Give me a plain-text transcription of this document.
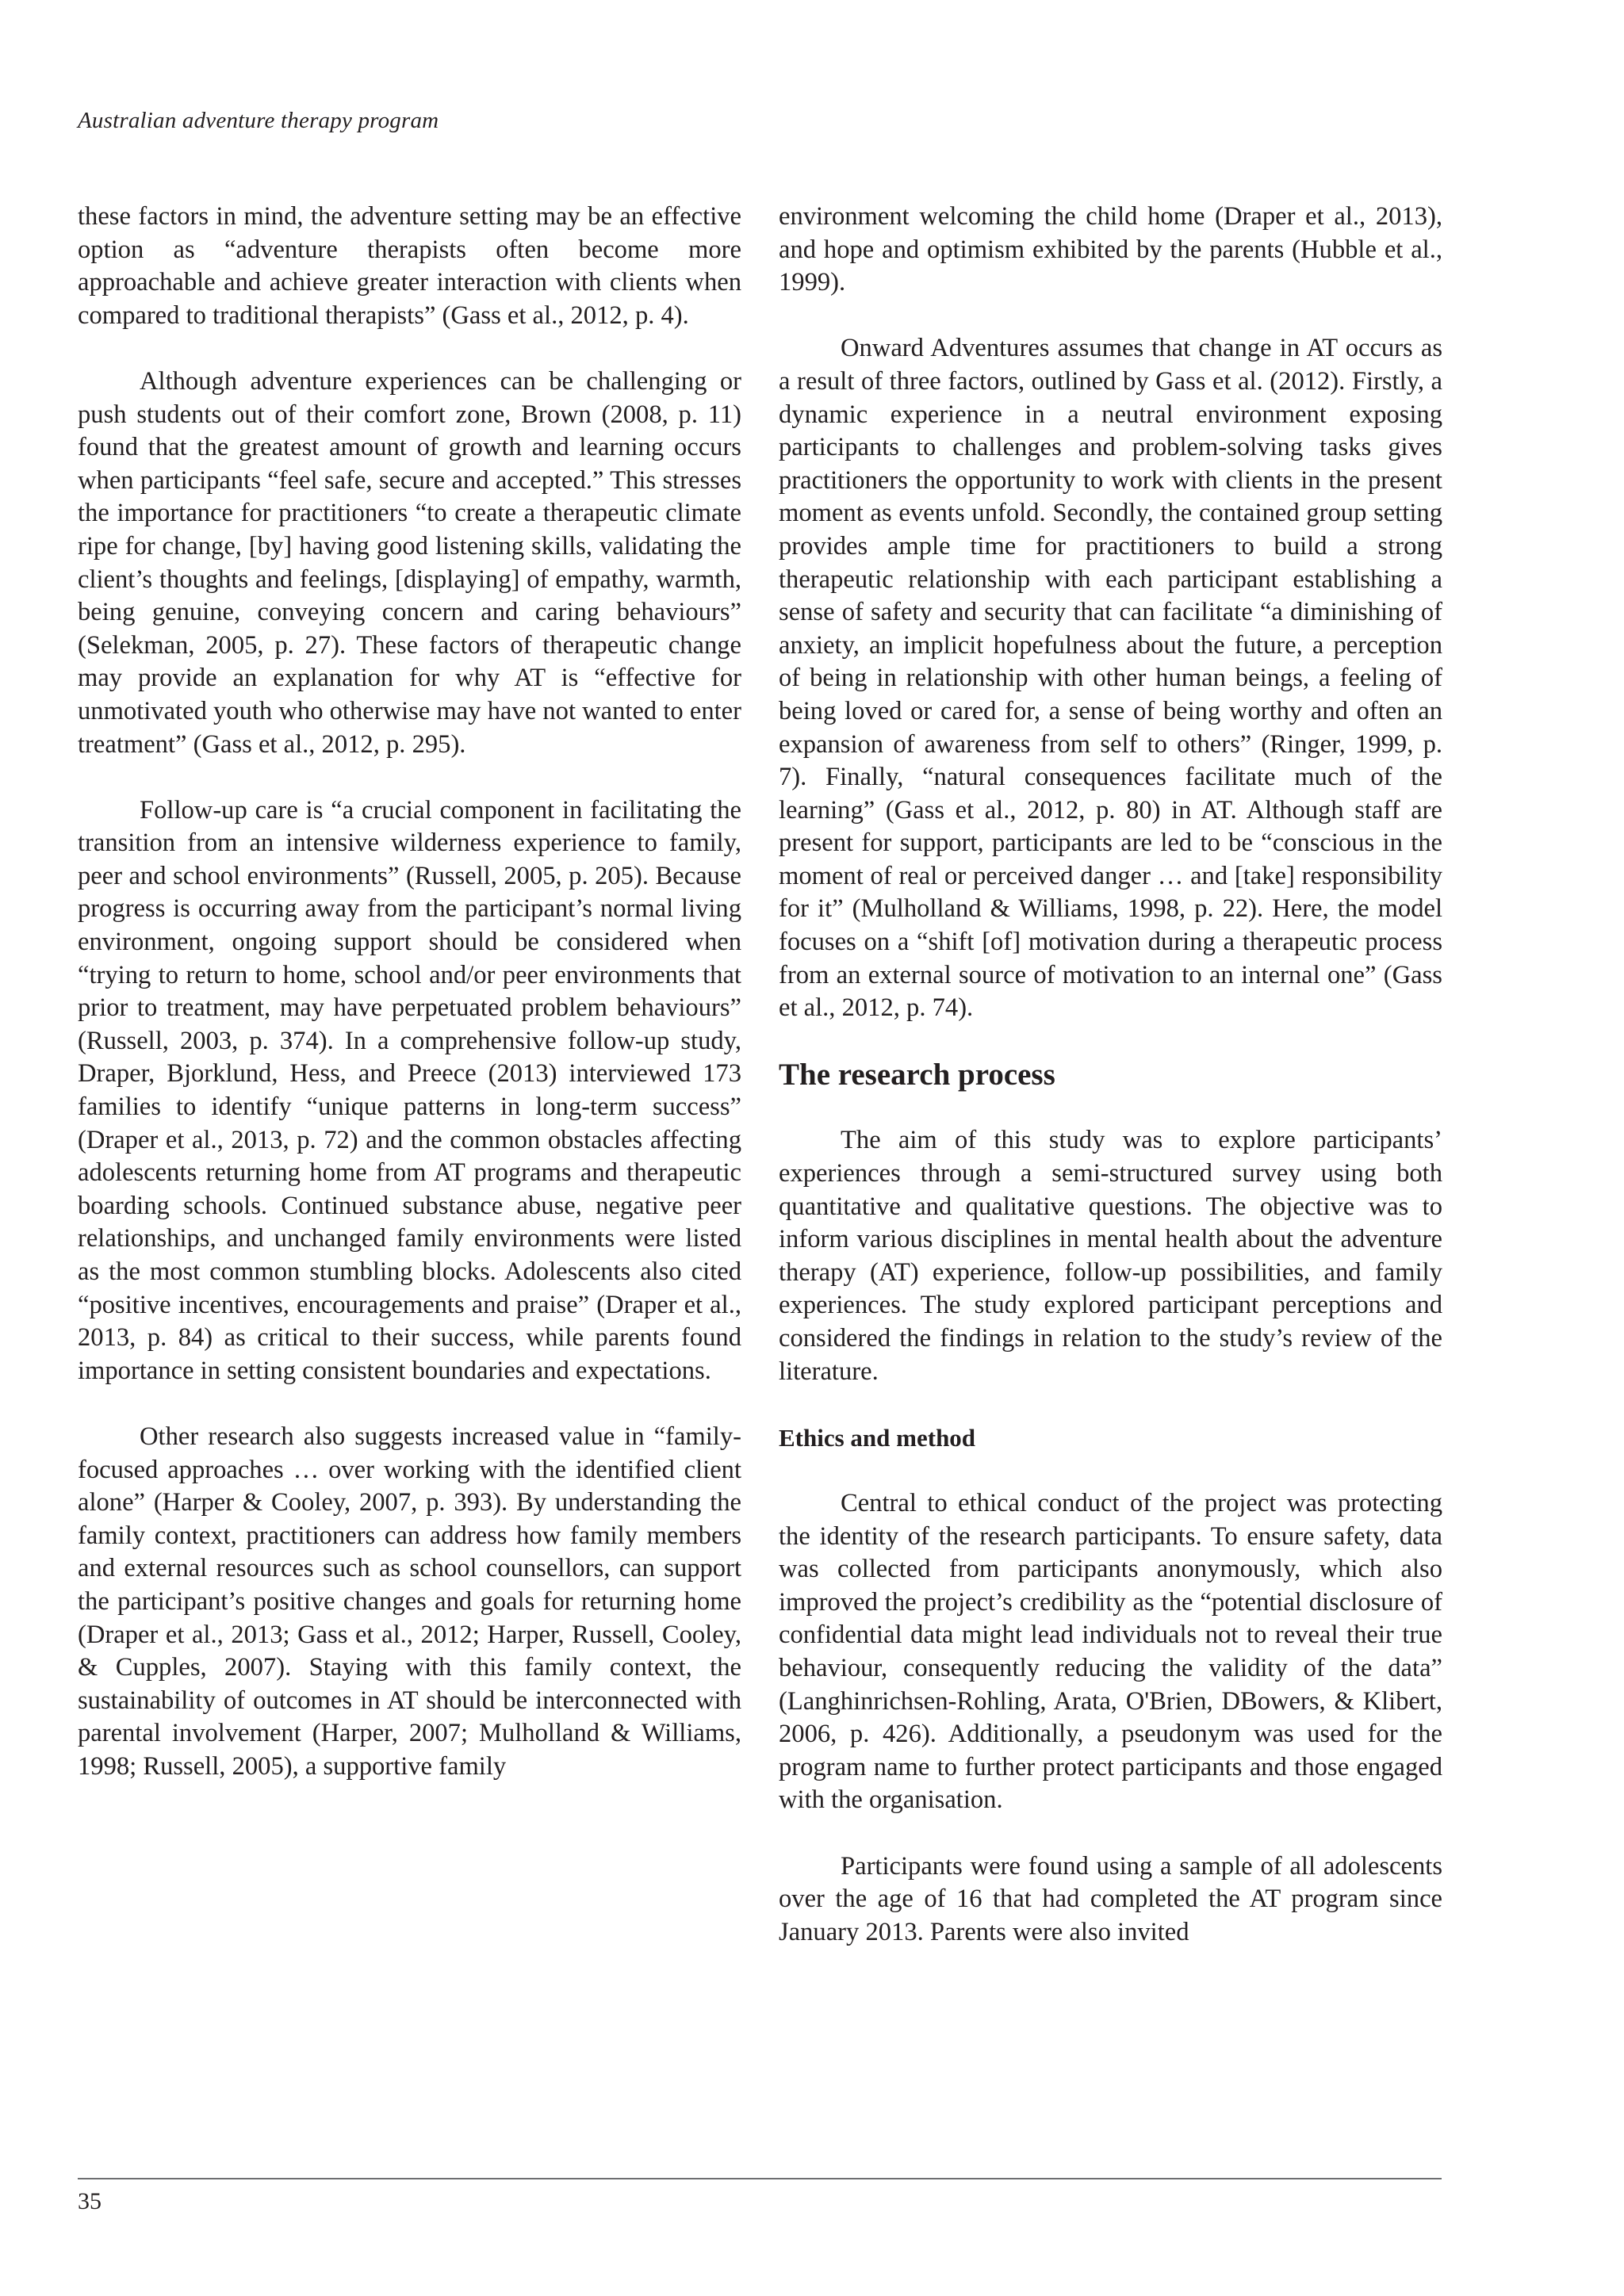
Australian adventure therapy program

these factors in mind, the adventure setting may be an effective option as “adventure therapists often become more approachable and achieve greater interaction with clients when compared to traditional therapists” (Gass et al., 2012, p. 4).

Although adventure experiences can be challenging or push students out of their comfort zone, Brown (2008, p. 11) found that the greatest amount of growth and learning occurs when participants “feel safe, secure and accepted.” This stresses the importance for practitioners “to create a therapeutic climate ripe for change, [by] having good listening skills, validating the client’s thoughts and feelings, [displaying] of empathy, warmth, being genuine, conveying concern and caring behaviours” (Selekman, 2005, p. 27). These factors of therapeutic change may provide an explanation for why AT is “effective for unmotivated youth who otherwise may have not wanted to enter treatment” (Gass et al., 2012, p. 295).

Follow-up care is “a crucial component in facilitating the transition from an intensive wilderness experience to family, peer and school environments” (Russell, 2005, p. 205). Because progress is occurring away from the participant’s normal living environment, ongoing support should be considered when “trying to return to home, school and/or peer environments that prior to treatment, may have perpetuated problem behaviours” (Russell, 2003, p. 374). In a comprehensive follow-up study, Draper, Bjorklund, Hess, and Preece (2013) interviewed 173 families to identify “unique patterns in long-term success” (Draper et al., 2013, p. 72) and the common obstacles affecting adolescents returning home from AT programs and therapeutic boarding schools. Continued substance abuse, negative peer relationships, and unchanged family environments were listed as the most common stumbling blocks. Adolescents also cited “positive incentives, encouragements and praise” (Draper et al., 2013, p. 84) as critical to their success, while parents found importance in setting consistent boundaries and expectations.

Other research also suggests increased value in “family-focused approaches … over working with the identified client alone” (Harper & Cooley, 2007, p. 393). By understanding the family context, practitioners can address how family members and external resources such as school counsellors, can support the participant’s positive changes and goals for returning home (Draper et al., 2013; Gass et al., 2012; Harper, Russell, Cooley, & Cupples, 2007). Staying with this family context, the sustainability of outcomes in AT should be interconnected with parental involvement (Harper, 2007; Mulholland & Williams, 1998; Russell, 2005), a supportive family

environment welcoming the child home (Draper et al., 2013), and hope and optimism exhibited by the parents (Hubble et al., 1999).

Onward Adventures assumes that change in AT occurs as a result of three factors, outlined by Gass et al. (2012). Firstly, a dynamic experience in a neutral environment exposing participants to challenges and problem-solving tasks gives practitioners the opportunity to work with clients in the present moment as events unfold. Secondly, the contained group setting provides ample time for practitioners to build a strong therapeutic relationship with each participant establishing a sense of safety and security that can facilitate “a diminishing of anxiety, an implicit hopefulness about the future, a perception of being in relationship with other human beings, a feeling of being loved or cared for, a sense of being worthy and often an expansion of awareness from self to others” (Ringer, 1999, p. 7). Finally, “natural consequences facilitate much of the learning” (Gass et al., 2012, p. 80) in AT. Although staff are present for support, participants are led to be “conscious in the moment of real or perceived danger … and [take] responsibility for it” (Mulholland & Williams, 1998, p. 22). Here, the model focuses on a “shift [of] motivation during a therapeutic process from an external source of motivation to an internal one” (Gass et al., 2012, p. 74).

The research process

The aim of this study was to explore participants’ experiences through a semi-structured survey using both quantitative and qualitative questions. The objective was to inform various disciplines in mental health about the adventure therapy (AT) experience, follow-up possibilities, and family experiences. The study explored participant perceptions and considered the findings in relation to the study’s review of the literature.

Ethics and method

Central to ethical conduct of the project was protecting the identity of the research participants. To ensure safety, data was collected from participants anonymously, which also improved the project’s credibility as the “potential disclosure of confidential data might lead individuals not to reveal their true behaviour, consequently reducing the validity of the data” (Langhinrichsen-Rohling, Arata, O'Brien, DBowers, & Klibert, 2006, p. 426). Additionally, a pseudonym was used for the program name to further protect participants and those engaged with the organisation.

Participants were found using a sample of all adolescents over the age of 16 that had completed the AT program since January 2013. Parents were also invited

35
